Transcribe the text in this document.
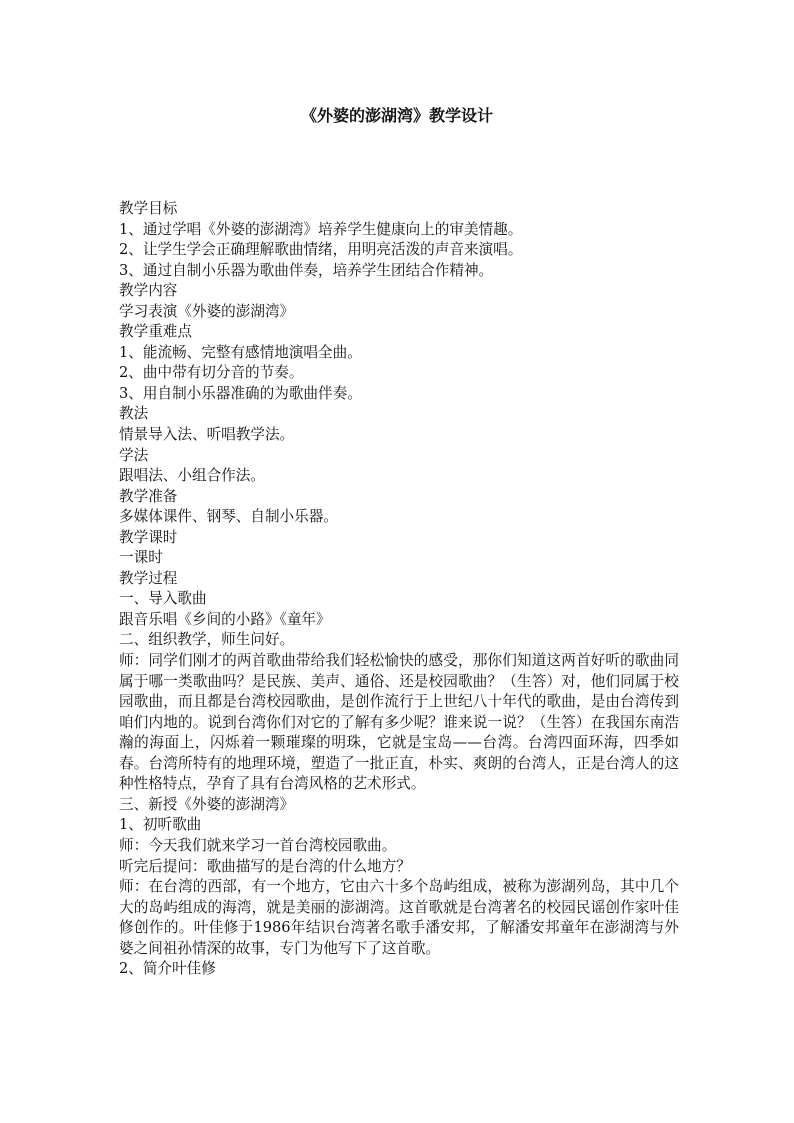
《外婆的澎湖湾》教学设计
教学目标
1、通过学唱《外婆的澎湖湾》培养学生健康向上的审美情趣。
2、让学生学会正确理解歌曲情绪，用明亮活泼的声音来演唱。
3、通过自制小乐器为歌曲伴奏，培养学生团结合作精神。
教学内容
学习表演《外婆的澎湖湾》
教学重难点
1、能流畅、完整有感情地演唱全曲。
2、曲中带有切分音的节奏。
3、用自制小乐器准确的为歌曲伴奏。
教法
情景导入法、听唱教学法。
学法
跟唱法、小组合作法。
教学准备
多媒体课件、钢琴、自制小乐器。
教学课时
一课时
教学过程
一、导入歌曲
跟音乐唱《乡间的小路》《童年》
二、组织教学，师生问好。
师：同学们刚才的两首歌曲带给我们轻松愉快的感受，那你们知道这两首好听的歌曲同属于哪一类歌曲吗？是民族、美声、通俗、还是校园歌曲？（生答）对，他们同属于校园歌曲，而且都是台湾校园歌曲，是创作流行于上世纪八十年代的歌曲，是由台湾传到咱们内地的。说到台湾你们对它的了解有多少呢？谁来说一说？（生答）在我国东南浩瀚的海面上，闪烁着一颗璀璨的明珠，它就是宝岛——台湾。台湾四面环海，四季如春。台湾所特有的地理环境，塑造了一批正直，朴实、爽朗的台湾人，正是台湾人的这种性格特点，孕育了具有台湾风格的艺术形式。
三、新授《外婆的澎湖湾》
1、初听歌曲
师：今天我们就来学习一首台湾校园歌曲。
听完后提问：歌曲描写的是台湾的什么地方？
师：在台湾的西部，有一个地方，它由六十多个岛屿组成，被称为澎湖列岛，其中几个大的岛屿组成的海湾，就是美丽的澎湖湾。这首歌就是台湾著名的校园民谣创作家叶佳修创作的。叶佳修于1986年结识台湾著名歌手潘安邦，了解潘安邦童年在澎湖湾与外婆之间祖孙情深的故事，专门为他写下了这首歌。
2、简介叶佳修
